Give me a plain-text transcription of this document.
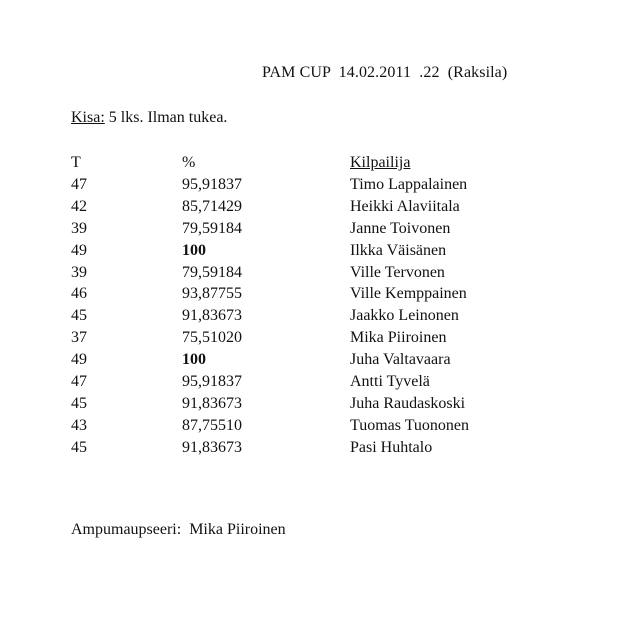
PAM CUP  14.02.2011  .22  (Raksila)
Kisa: 5 lks. Ilman tukea.
T	%	Kilpailija
47	95,91837	Timo Lappalainen
42	85,71429	Heikki Alaviitala
39	79,59184	Janne Toivonen
49	100	Ilkka Väisänen
39	79,59184	Ville Tervonen
46	93,87755	Ville Kemppainen
45	91,83673	Jaakko Leinonen
37	75,51020	Mika Piiroinen
49	100	Juha Valtavaara
47	95,91837	Antti Tyvelä
45	91,83673	Juha Raudaskoski
43	87,75510	Tuomas Tuononen
45	91,83673	Pasi Huhtalo
Ampumaupseeri:  Mika Piiroinen
